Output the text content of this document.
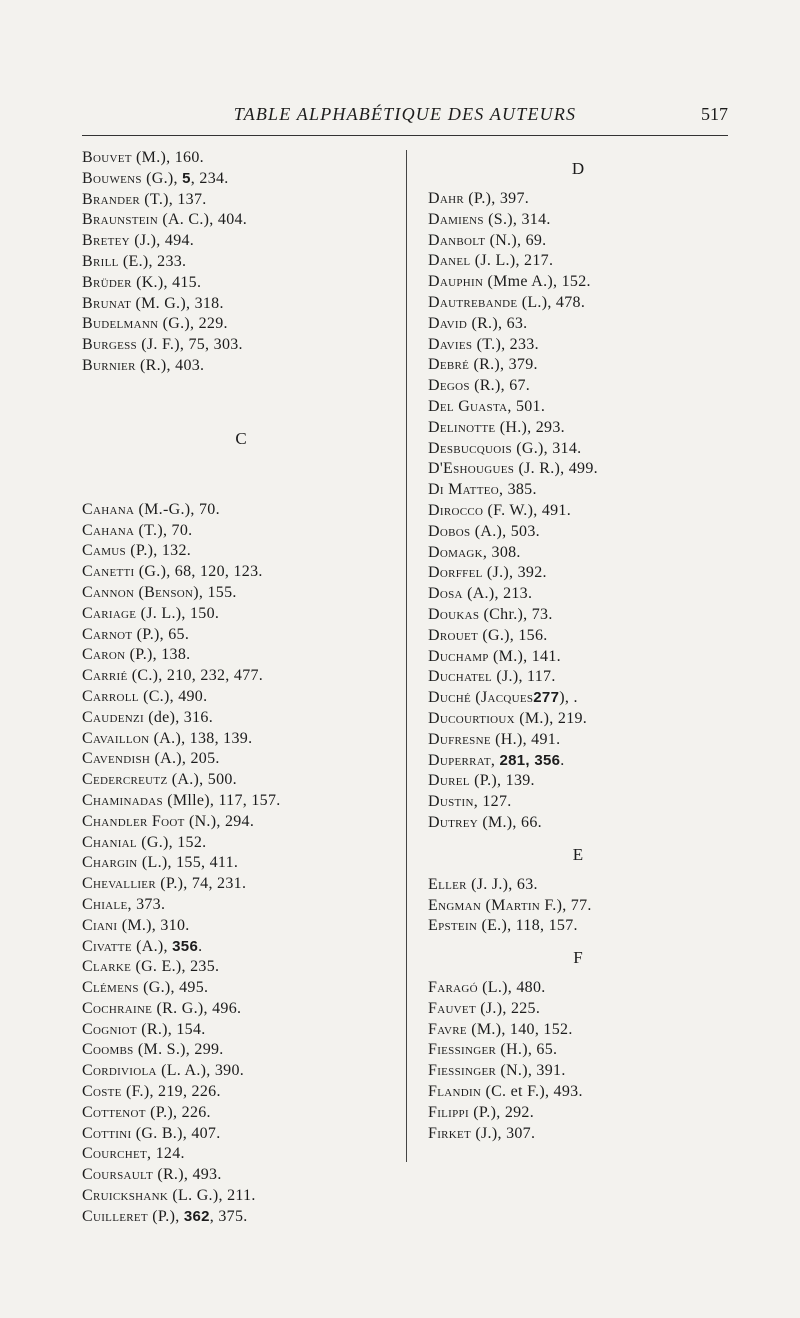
TABLE ALPHABÉTIQUE DES AUTEURS	517
Bouvet (M.), 160.
Bouwens (G.), 5, 234.
Brander (T.), 137.
Braunstein (A. C.), 404.
Bretey (J.), 494.
Brill (E.), 233.
Brüder (K.), 415.
Brunat (M. G.), 318.
Budelmann (G.), 229.
Burgess (J. F.), 75, 303.
Burnier (R.), 403.
C
Cahana (M.-G.), 70.
Cahana (T.), 70.
Camus (P.), 132.
Canetti (G.), 68, 120, 123.
Cannon (Benson), 155.
Cariage (J. L.), 150.
Carnot (P.), 65.
Caron (P.), 138.
Carrié (C.), 210, 232, 477.
Carroll (C.), 490.
Caudenzi (de), 316.
Cavaillon (A.), 138, 139.
Cavendish (A.), 205.
Cedercreutz (A.), 500.
Chaminadas (Mlle), 117, 157.
Chandler Foot (N.), 294.
Chanial (G.), 152.
Chargin (L.), 155, 411.
Chevallier (P.), 74, 231.
Chiale, 373.
Ciani (M.), 310.
Civatte (A.), 356.
Clarke (G. E.), 235.
Clémens (G.), 495.
Cochraine (R. G.), 496.
Cogniot (R.), 154.
Coombs (M. S.), 299.
Cordiviola (L. A.), 390.
Coste (F.), 219, 226.
Cottenot (P.), 226.
Cottini (G. B.), 407.
Courchet, 124.
Coursault (R.), 493.
Cruickshank (L. G.), 211.
Cuilleret (P.), 362, 375.
D
Dahr (P.), 397.
Damiens (S.), 314.
Danbolt (N.), 69.
Danel (J. L.), 217.
Dauphin (Mme A.), 152.
Dautrebande (L.), 478.
David (R.), 63.
Davies (T.), 233.
Debré (R.), 379.
Degos (R.), 67.
Del Guasta, 501.
Delinotte (H.), 293.
Desbucquois (G.), 314.
D'Eshougues (J. R.), 499.
Di Matteo, 385.
Dirocco (F. W.), 491.
Dobos (A.), 503.
Domagk, 308.
Dorffel (J.), 392.
Dosa (A.), 213.
Doukas (Chr.), 73.
Drouet (G.), 156.
Duchamp (M.), 141.
Duchatel (J.), 117.
Duché (Jacques277), .
Ducourtioux (M.), 219.
Dufresne (H.), 491.
Duperrat, 281, 356.
Durel (P.), 139.
Dustin, 127.
Dutrey (M.), 66.
E
Eller (J. J.), 63.
Engman (Martin F.), 77.
Epstein (E.), 118, 157.
F
Faragó (L.), 480.
Fauvet (J.), 225.
Favre (M.), 140, 152.
Fiessinger (H.), 65.
Fiessinger (N.), 391.
Flandin (C. et F.), 493.
Filippi (P.), 292.
Firket (J.), 307.
